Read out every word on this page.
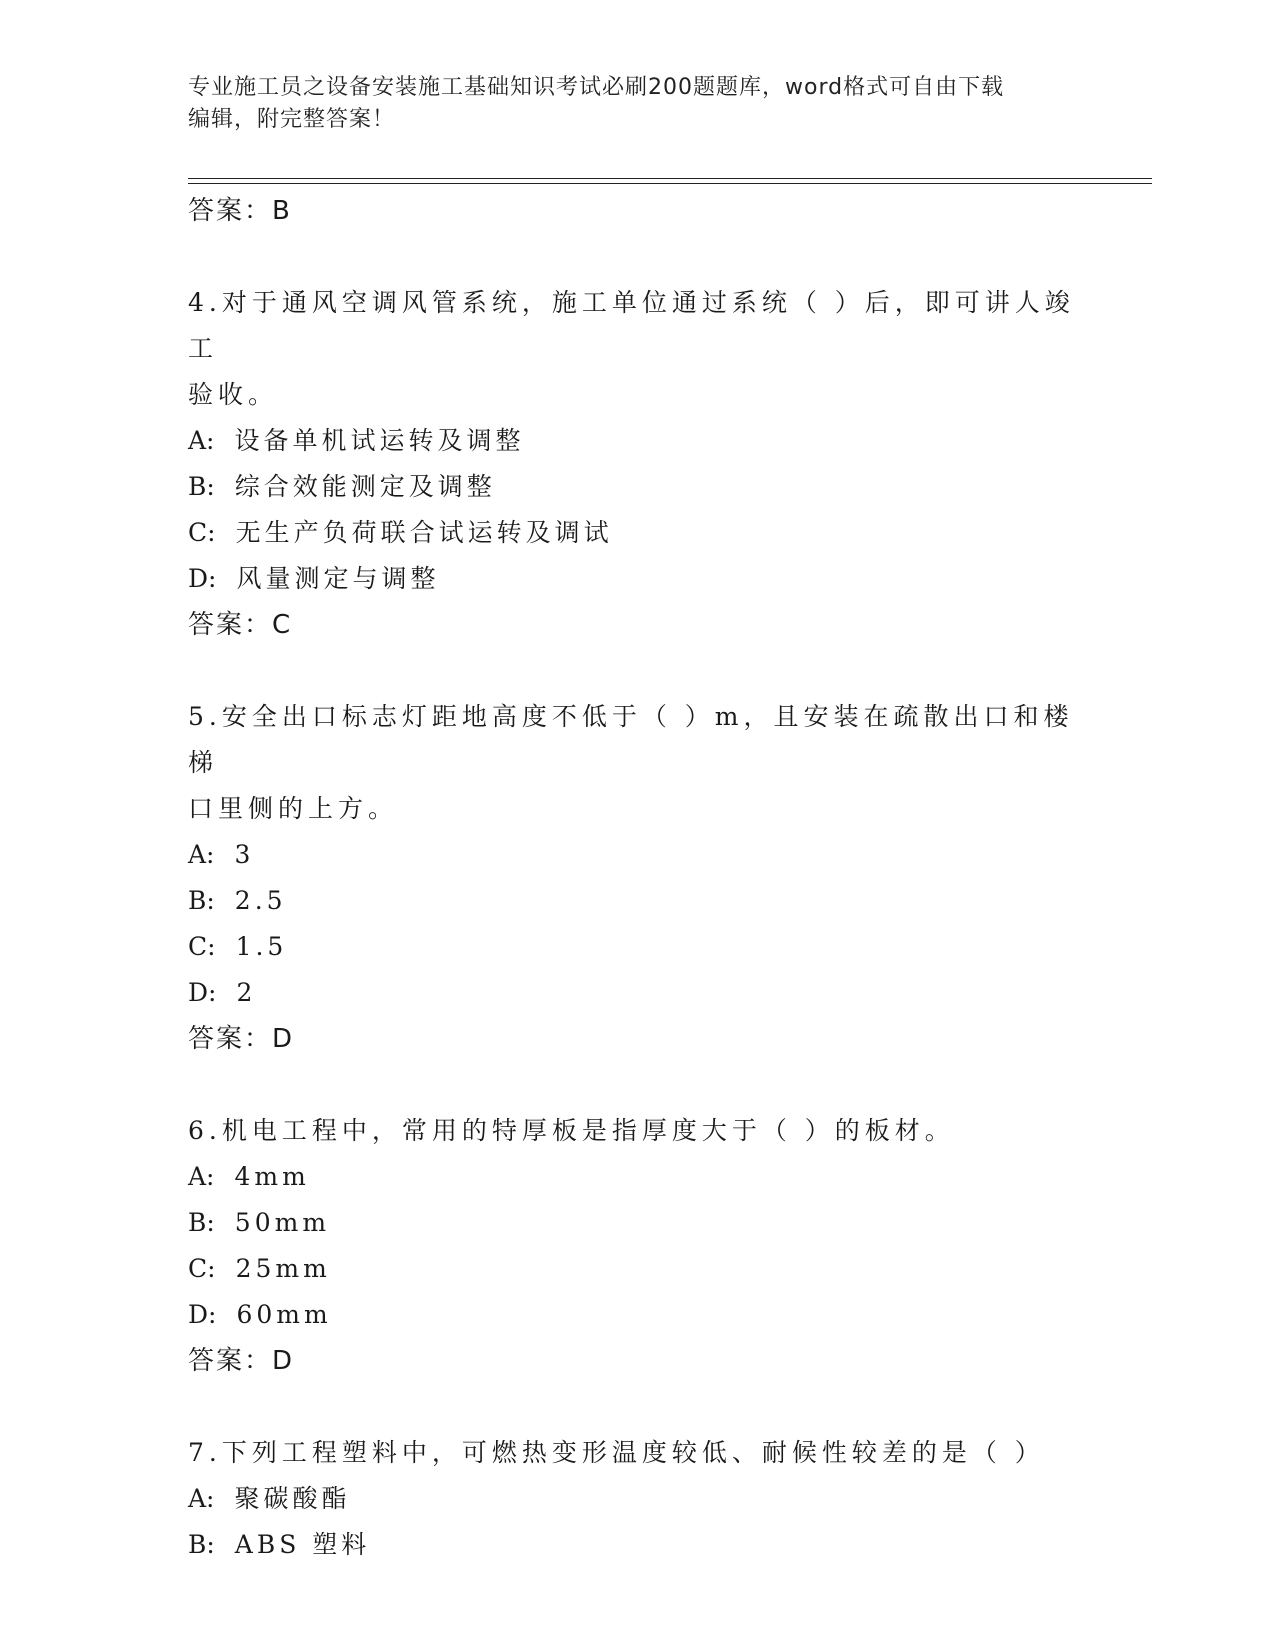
专业施工员之设备安装施工基础知识考试必刷200题题库，word格式可自由下载
编辑，附完整答案！

答案：B

4.对于通风空调风管系统，施工单位通过系统（ ）后，即可讲人竣工

验收。

A: 设备单机试运转及调整

B: 综合效能测定及调整

C: 无生产负荷联合试运转及调试

D: 风量测定与调整

答案：C

5.安全出口标志灯距地高度不低于（ ）m，且安装在疏散出口和楼梯

口里侧的上方。

A: 3

B: 2.5

C: 1.5

D: 2

答案：D

6.机电工程中，常用的特厚板是指厚度大于（ ）的板材。

A: 4mm

B: 50mm

C: 25mm

D: 60mm

答案：D

7.下列工程塑料中，可燃热变形温度较低、耐候性较差的是（ ）

A: 聚碳酸酯

B: ABS 塑料
